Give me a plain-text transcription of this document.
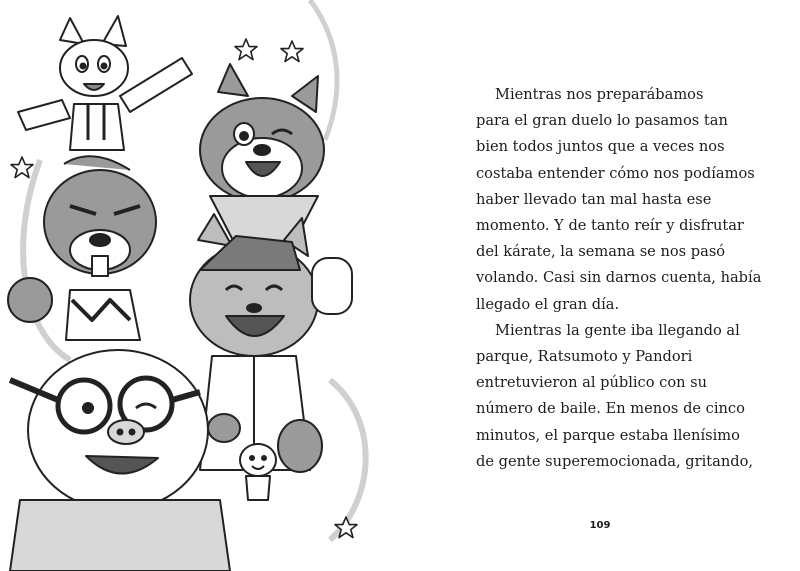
Mientras nos preparábamos
para el gran duelo lo pasamos tan
bien todos juntos que a veces nos
costaba entender cómo nos podíamos
haber llevado tan mal hasta ese
momento. Y de tanto reír y disfrutar
del kárate, la semana se nos pasó
volando. Casi sin darnos cuenta, había
llegado el gran día.

Mientras la gente iba llegando al
parque, Ratsumoto y Pandori
entretuvieron al público con su
número de baile. En menos de cinco
minutos, el parque estaba llenísimo
de gente superemocionada, gritando,

109
